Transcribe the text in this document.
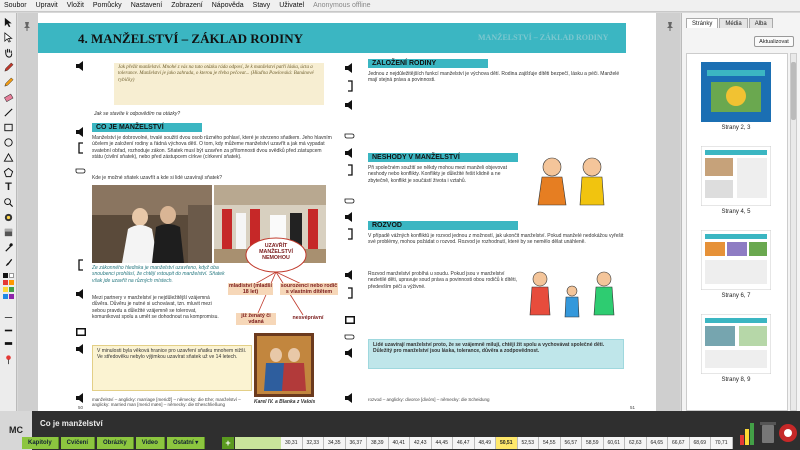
Soubor Upravit Vložit Pomůcky Nastavení Zobrazení Nápověda Stavy Uživatel Anonymous offline
T
4. MANŽELSTVÍ – ZÁKLAD RODINY	MANŽELSTVÍ – ZÁKLAD RODINY
Jak přežít manželství. Mnohé z vás na tuto otázku ráda odpoví, že k manželství patří láska, úcta a tolerance. Manželství je jako zahrada, o kterou je třeba pečovat... (Hlaďna Pawlovská: Banánové rybičky)
Jak se stavíte k odpovědím na otázky?
CO JE MANŽELSTVÍ
Manželství je dobrovolné, trvalé soužití dvou osob různého pohlaví, které je stvrzeno sňatkem. Jeho hlavním účelem je založení rodiny a řádná výchova dětí. O tom, kdy můžeme manželství uzavřít a jak má vypadat svatební obřad, rozhoduje zákon. Sňatek musí být uzavřen za přítomnosti dvou svědků před zástupcem státu (civilní sňatek), nebo před zástupcem církve (církevní sňatek).
Kde je možné sňatek uzavřít a kde si lidé uzavírají sňatek?
Ze zákonného hlediska je manželství uzavřeno, když oba snoubenci prohlásí, že chtějí vstoupit do manželství. Sňatek však jde uzavřít na různých místech.
UZAVŘÍT MANŽELSTVÍ NEMOHOU
mladiství (mladší 18 let)
sourozenci nebo rodič s vlastním dítětem
již ženatý či vdaná
nesvéprávní
Mezi partnery v manželství je nejdůležitější vzájemná důvěra. Důvěru je nutné si uchovávat, tzn. mluvit mezi sebou pravdu a důležité vzájemně se tolerovat, komunikovat spolu a umět se dohodnout na kompromisu.
V minulosti byla věková hranice pro uzavření sňatku mnohem nižší. Ve středověku nebylo výjimkou uzavírat sňatek už ve 14 letech.
Karel IV. a Blanka z Valois
manželství – anglicky: marriage [meridž] – německy: die Ehe; manželství – anglicky: married man [merid mæn] – německy: die Eheschließung
50
ZALOŽENÍ RODINY
Jednou z nejdůležitějších funkcí manželství je výchova dětí. Rodina zajišťuje dítěti bezpečí, lásku a péči. Manželé mají stejná práva a povinnosti.
NESHODY V MANŽELSTVÍ
Při společném soužití se někdy mohou mezi manželi objevovat neshody nebo konflikty. Konflikty je důležité řešit klidně a ne zbytečně, konflikt je součástí života i vztahů.
ROZVOD
V případě vážných konfliktů je rozvod jednou z možností, jak ukončit manželství. Pokud manželé nedokážou vyřešit své problémy, mohou požádat o rozvod. Rozvod je rozhodnutí, které by se nemělo dělat unáhleně.
Rozvod manželství probíhá u soudu. Pokud jsou v manželství nezletilé děti, upravuje soud práva a povinnosti obou rodičů k dítěti, především péči a výživné.
Lidé uzavírají manželství proto, že se vzájemně milují, chtějí žít spolu a vychovávat společné děti. Důležitý pro manželství jsou láska, tolerance, důvěra a zodpovědnost.
rozvod – anglicky: divorce [divórs] – německy: die Scheidung
51
Stránky	Média	Alba
Aktualizovat
Strany 2, 3
Strany 4, 5
Strany 6, 7
Strany 8, 9
MC
Co je manželství
Kapitoly	Cvičení	Obrázky	Video	Ostatní ▾	+	30,31	32,33	34,35	36,37	38,39	40,41	42,43	44,45	46,47	48,49	50,51	52,53	54,55	56,57	58,59	60,61	62,63	64,65	66,67	68,69	70,71
